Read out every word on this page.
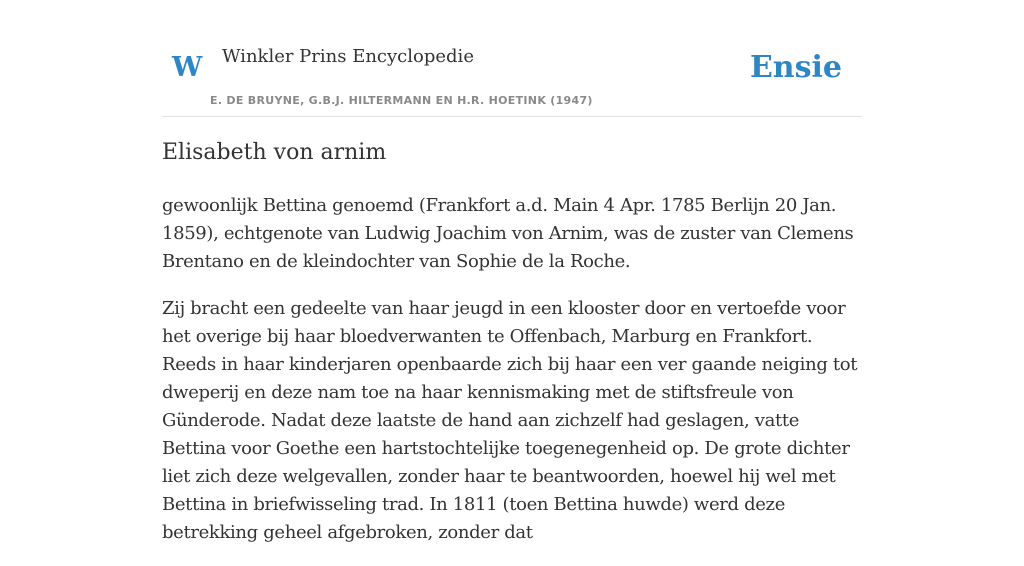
W Winkler Prins Encyclopedie
E. DE BRUYNE, G.B.J. HILTERMANN EN H.R. HOETINK (1947)
Ensie
Elisabeth von arnim

gewoonlijk Bettina genoemd (Frankfort a.d. Main 4 Apr. 1785 Berlijn 20 Jan. 1859), echtgenote van Ludwig Joachim von Arnim, was de zuster van Clemens Brentano en de kleindochter van Sophie de la Roche.

Zij bracht een gedeelte van haar jeugd in een klooster door en vertoefde voor het overige bij haar bloedverwanten te Offenbach, Marburg en Frankfort. Reeds in haar kinderjaren openbaarde zich bij haar een ver gaande neiging tot dweperij en deze nam toe na haar kennismaking met de stiftsfreule von Günderode. Nadat deze laatste de hand aan zichzelf had geslagen, vatte Bettina voor Goethe een hartstochtelijke toegenegenheid op. De grote dichter liet zich deze welgevallen, zonder haar te beantwoorden, hoewel hij wel met Bettina in briefwisseling trad. In 1811 (toen Bettina huwde) werd deze betrekking geheel afgebroken, zonder dat
